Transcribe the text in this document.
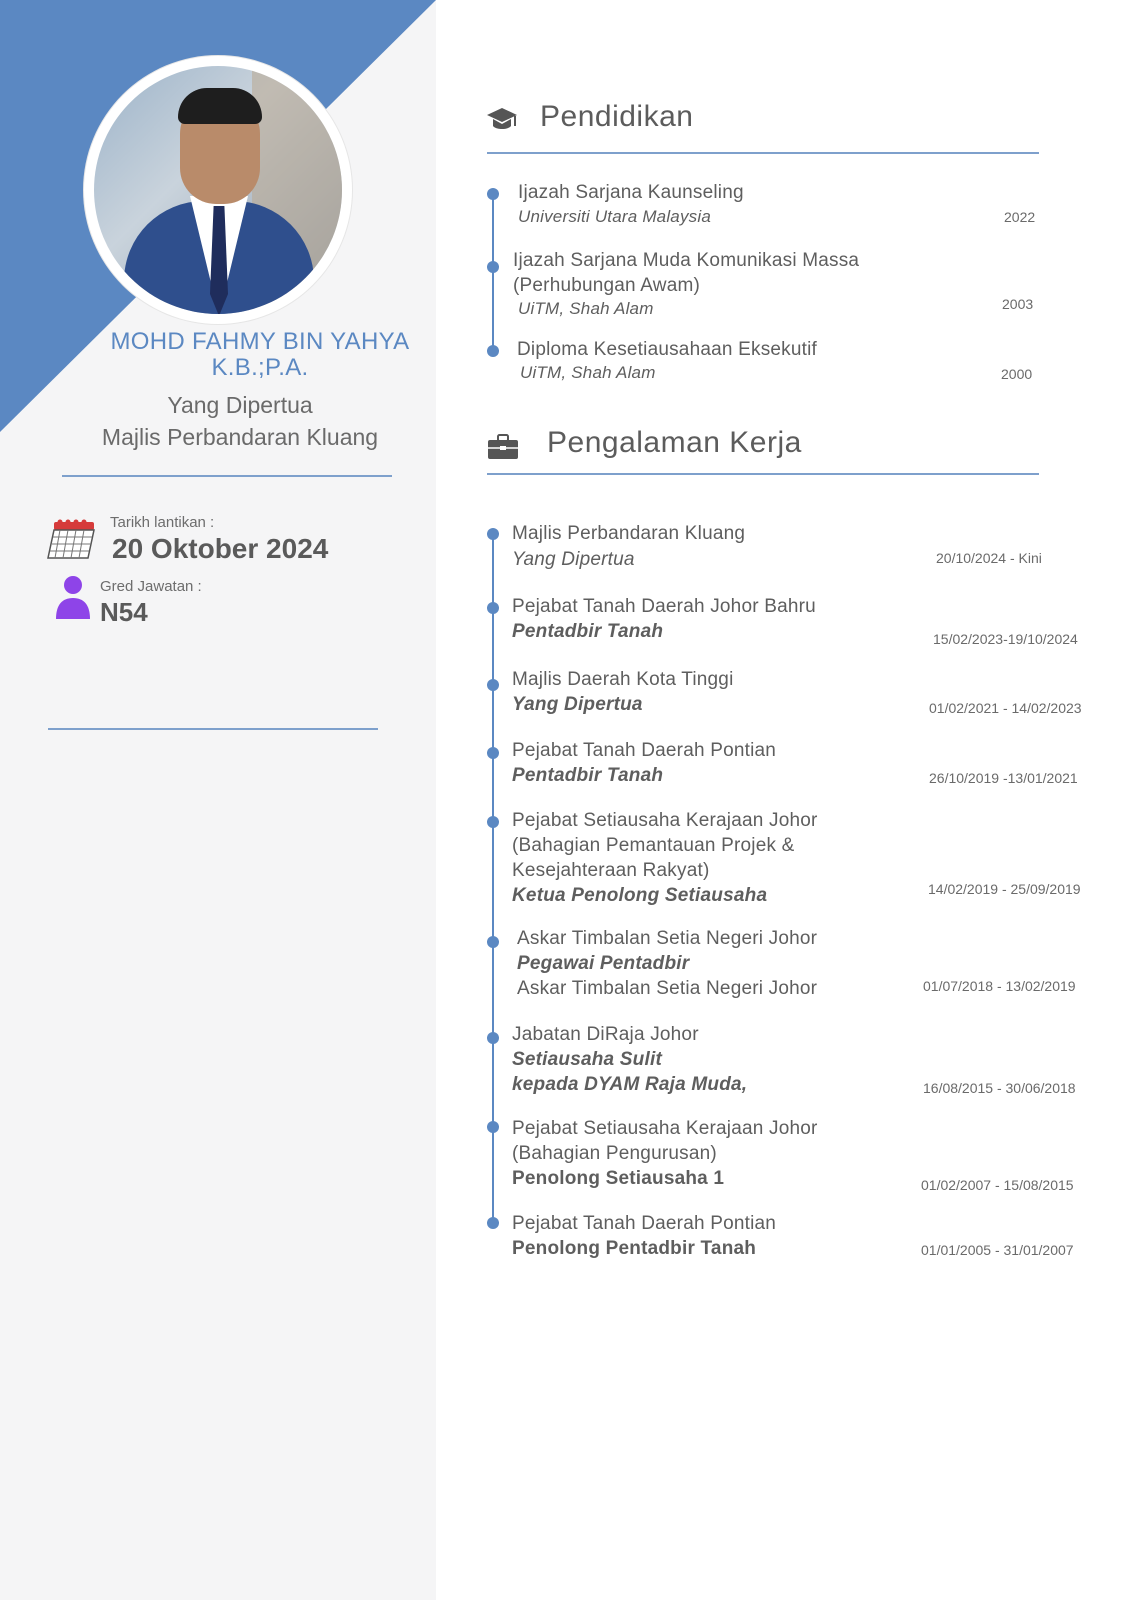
MOHD FAHMY BIN YAHYA
K.B.;P.A.
Yang Dipertua
Majlis Perbandaran Kluang
Tarikh lantikan :
20 Oktober 2024
Gred Jawatan :
N54
Pendidikan
Ijazah Sarjana Kaunseling
Universiti Utara Malaysia	2022
Ijazah Sarjana Muda Komunikasi Massa
(Perhubungan Awam)
UiTM, Shah Alam	2003
Diploma Kesetiausahaan Eksekutif
UiTM, Shah Alam	2000
Pengalaman Kerja
Majlis Perbandaran Kluang
Yang Dipertua	20/10/2024 - Kini
Pejabat Tanah Daerah Johor Bahru
Pentadbir Tanah	15/02/2023-19/10/2024
Majlis Daerah Kota Tinggi
Yang Dipertua	01/02/2021 - 14/02/2023
Pejabat Tanah Daerah Pontian
Pentadbir Tanah	26/10/2019 -13/01/2021
Pejabat Setiausaha Kerajaan Johor
(Bahagian Pemantauan Projek &
Kesejahteraan Rakyat)
Ketua Penolong Setiausaha	14/02/2019 - 25/09/2019
Askar Timbalan Setia Negeri Johor
Pegawai Pentadbir
Askar Timbalan Setia Negeri Johor	01/07/2018 - 13/02/2019
Jabatan DiRaja Johor
Setiausaha Sulit
kepada DYAM Raja Muda,	16/08/2015 - 30/06/2018
Pejabat Setiausaha Kerajaan Johor
(Bahagian Pengurusan)
Penolong Setiausaha 1	01/02/2007 - 15/08/2015
Pejabat Tanah Daerah Pontian
Penolong Pentadbir Tanah	01/01/2005 - 31/01/2007
